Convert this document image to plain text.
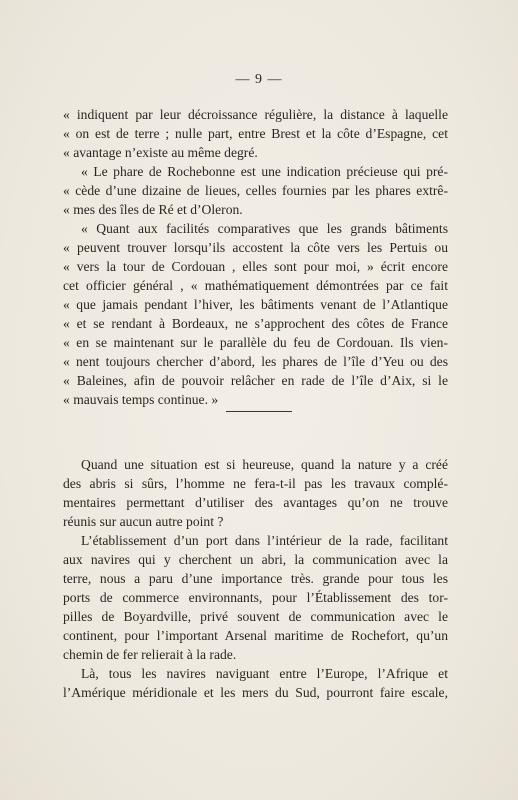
— 9 —
« indiquent par leur décroissance régulière, la distance à laquelle
« on est de terre ; nulle part, entre Brest et la côte d’Espagne, cet
« avantage n’existe au même degré.
« Le phare de Rochebonne est une indication précieuse qui pré-
« cède d’une dizaine de lieues, celles fournies par les phares extrê-
« mes des îles de Ré et d’Oleron.
« Quant aux facilités comparatives que les grands bâtiments
« peuvent trouver lorsqu’ils accostent la côte vers les Pertuis ou
« vers la tour de Cordouan , elles sont pour moi, » écrit encore
cet officier général , « mathématiquement démontrées par ce fait
« que jamais pendant l’hiver, les bâtiments venant de l’Atlantique
« et se rendant à Bordeaux, ne s’approchent des côtes de France
« en se maintenant sur le parallèle du feu de Cordouan. Ils vien-
« nent toujours chercher d’abord, les phares de l’île d’Yeu ou des
« Baleines, afin de pouvoir relâcher en rade de l’île d’Aix, si le
« mauvais temps continue. »
Quand une situation est si heureuse, quand la nature y a créé
des abris si sûrs, l’homme ne fera-t-il pas les travaux complé-
mentaires permettant d’utiliser des avantages qu’on ne trouve
réunis sur aucun autre point ?
L’établissement d’un port dans l’intérieur de la rade, facilitant
aux navires qui y cherchent un abri, la communication avec la
terre, nous a paru d’une importance très. grande pour tous les
ports de commerce environnants, pour l’Établissement des tor-
pilles de Boyardville, privé souvent de communication avec le
continent, pour l’important Arsenal maritime de Rochefort, qu’un
chemin de fer relierait à la rade.
Là, tous les navires naviguant entre l’Europe, l’Afrique et
l’Amérique méridionale et les mers du Sud, pourront faire escale,
